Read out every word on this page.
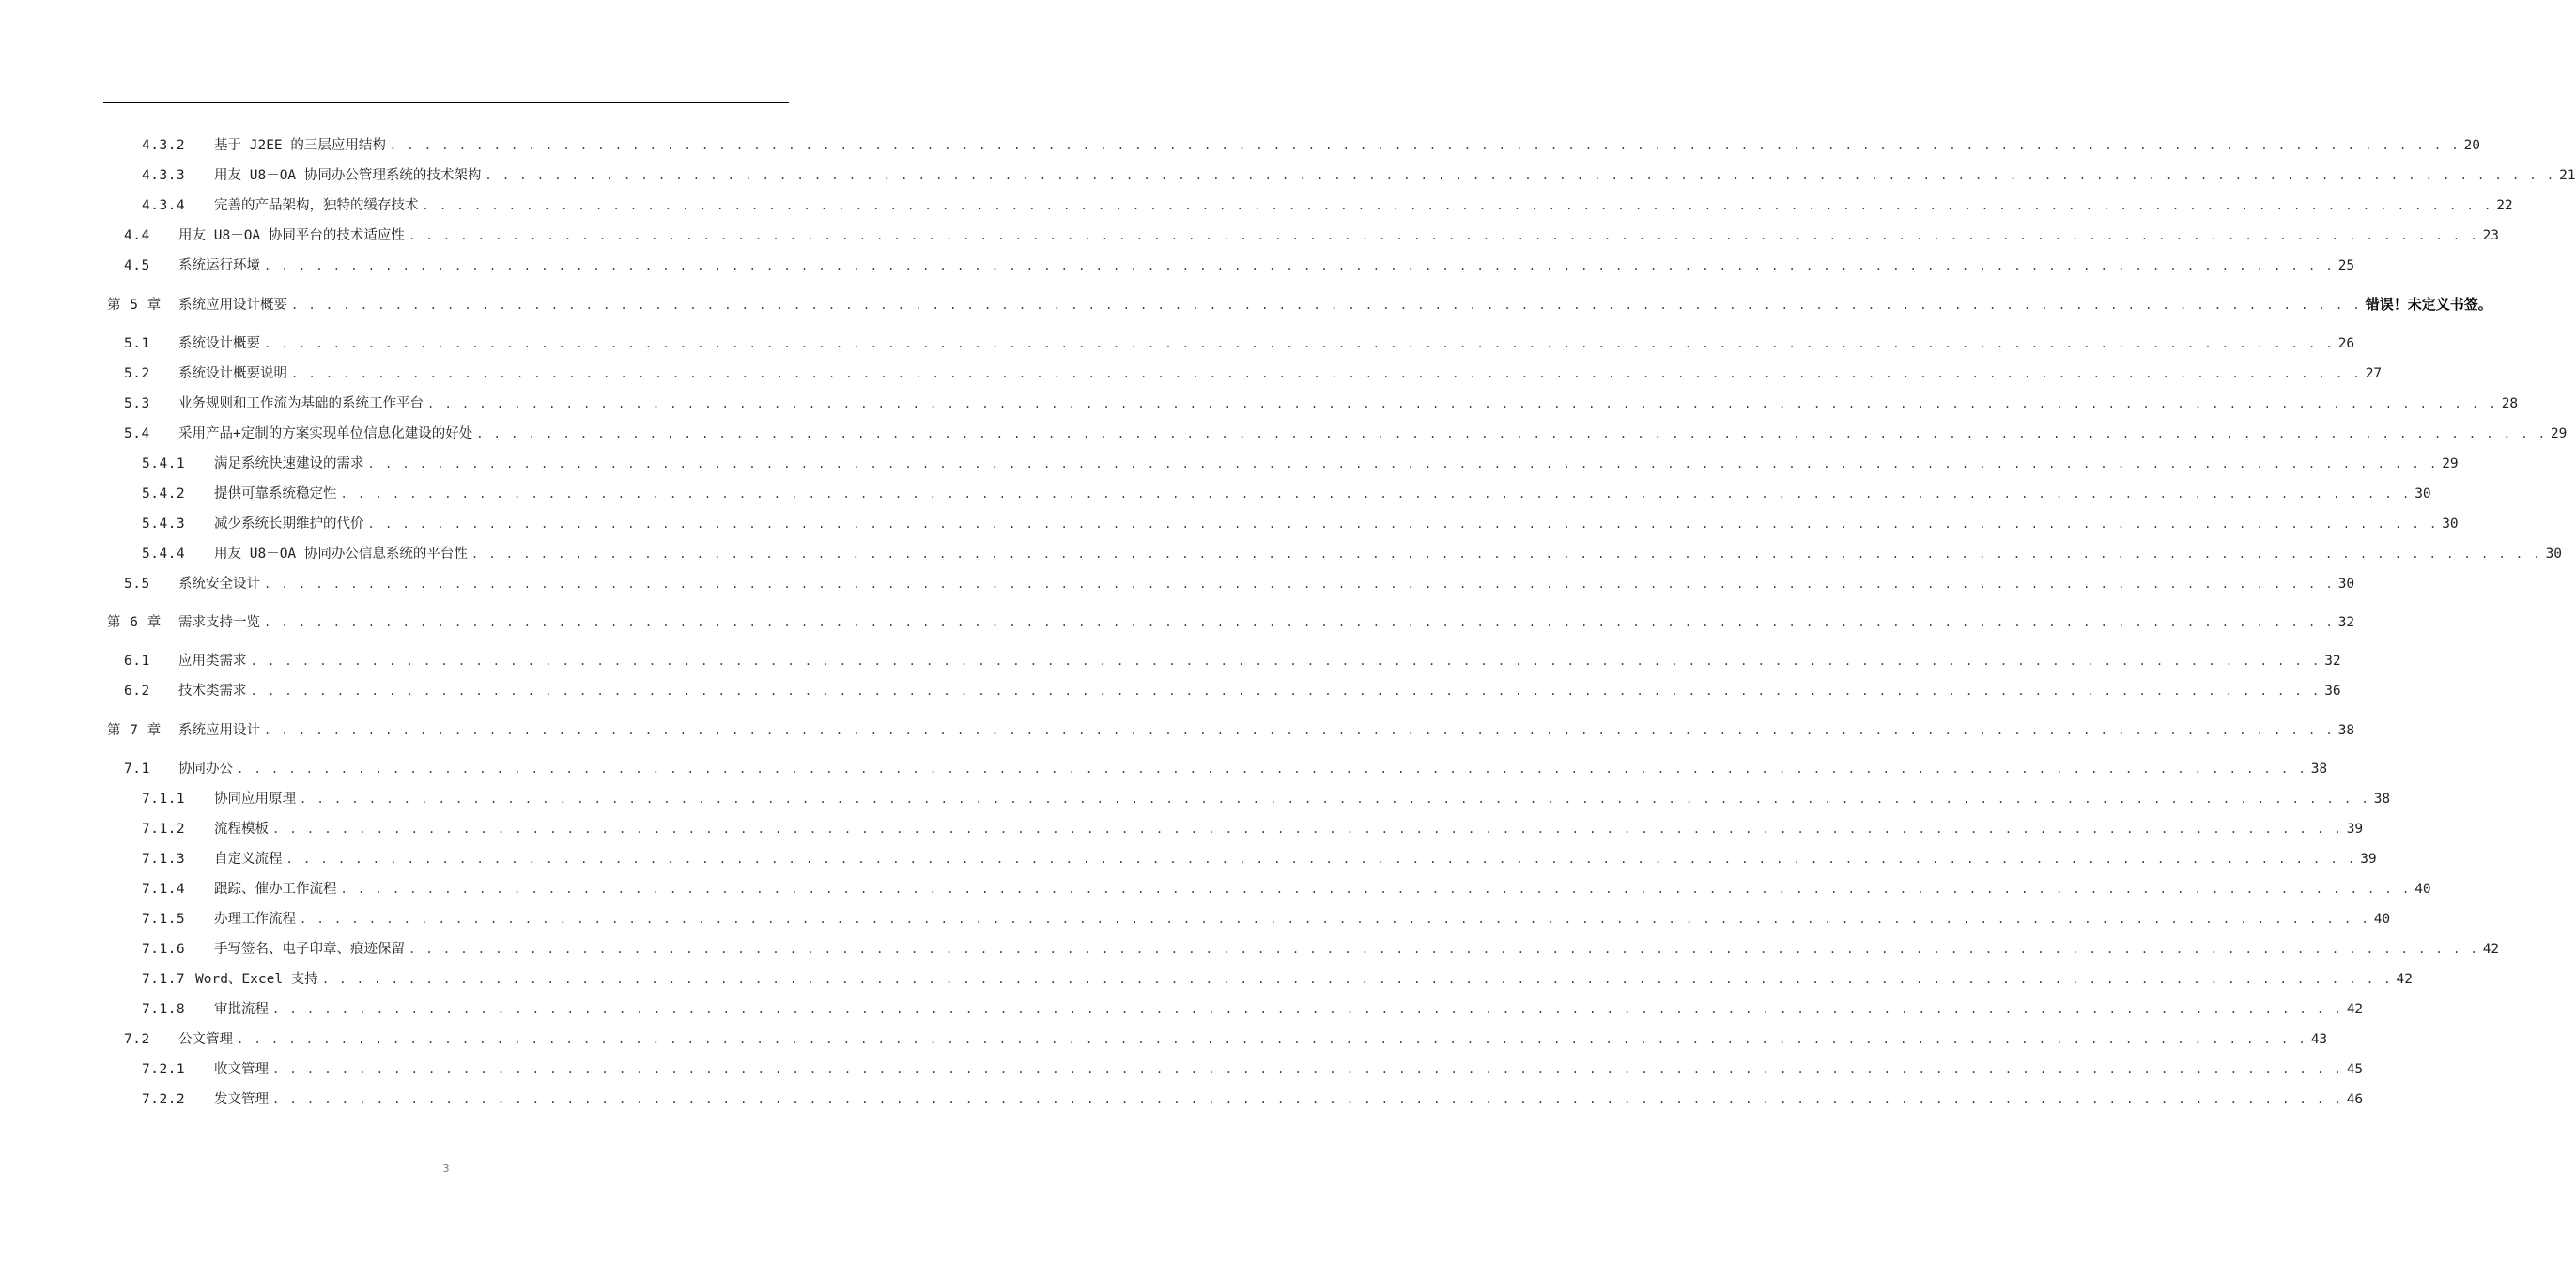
4.3.2	基于 J2EE 的三层应用结构 . . . . . . . . . . . . . . . . . . . . . . . . . . . . . . . . . . . . . . . . . . . . . . . . . . . . . . . . . . . . . . . . . . . . . . . . . . . . . . . . . . . . . . . . . . . . . . . . . . . . . . . . . . . . . . . . . . . . . . . . 20
4.3.3	用友 U8－OA 协同办公管理系统的技术架构 . . . . . . . . . . . . . . . . . . . . . . . . . . . . . . . . . . . . . . . . . . . . . . . . . . . . . . . . . . . . . . . . . . . . . . . . . . . . . . . . . . . . . . . . . . . . . . . . . . . . . . . . . . . . . . . . . . . . . . . . 21
4.3.4	完善的产品架构，独特的缓存技术 . . . . . . . . . . . . . . . . . . . . . . . . . . . . . . . . . . . . . . . . . . . . . . . . . . . . . . . . . . . . . . . . . . . . . . . . . . . . . . . . . . . . . . . . . . . . . . . . . . . . . . . . . . . . . . . . . . . . . . . . 22
4.4	用友 U8－OA 协同平台的技术适应性 . . . . . . . . . . . . . . . . . . . . . . . . . . . . . . . . . . . . . . . . . . . . . . . . . . . . . . . . . . . . . . . . . . . . . . . . . . . . . . . . . . . . . . . . . . . . . . . . . . . . . . . . . . . . . . . . . . . . . . . . 23
4.5	系统运行环境 . . . . . . . . . . . . . . . . . . . . . . . . . . . . . . . . . . . . . . . . . . . . . . . . . . . . . . . . . . . . . . . . . . . . . . . . . . . . . . . . . . . . . . . . . . . . . . . . . . . . . . . . . . . . . . . . . . . . . . . . 25
第 5 章	系统应用设计概要 . . . . . . . . . . . . . . . . . . . . . . . . . . . . . . . . . . . . . . . . . . . . . . . . . . . . . . . . . . . . . . . . . . . . . . . . . . . . . . . . . . . . . . . . . . . . . . . . . . . . . . . . . . . . . . . . . . . . . . . . 错误！未定义书签。
5.1	系统设计概要 . . . . . . . . . . . . . . . . . . . . . . . . . . . . . . . . . . . . . . . . . . . . . . . . . . . . . . . . . . . . . . . . . . . . . . . . . . . . . . . . . . . . . . . . . . . . . . . . . . . . . . . . . . . . . . . . . . . . . . . . 26
5.2	系统设计概要说明 . . . . . . . . . . . . . . . . . . . . . . . . . . . . . . . . . . . . . . . . . . . . . . . . . . . . . . . . . . . . . . . . . . . . . . . . . . . . . . . . . . . . . . . . . . . . . . . . . . . . . . . . . . . . . . . . . . . . . . . . 27
5.3	业务规则和工作流为基础的系统工作平台 . . . . . . . . . . . . . . . . . . . . . . . . . . . . . . . . . . . . . . . . . . . . . . . . . . . . . . . . . . . . . . . . . . . . . . . . . . . . . . . . . . . . . . . . . . . . . . . . . . . . . . . . . . . . . . . . . . . . . . . . 28
5.4	采用产品+定制的方案实现单位信息化建设的好处 . . . . . . . . . . . . . . . . . . . . . . . . . . . . . . . . . . . . . . . . . . . . . . . . . . . . . . . . . . . . . . . . . . . . . . . . . . . . . . . . . . . . . . . . . . . . . . . . . . . . . . . . . . . . . . . . . . . . . . . . 29
5.4.1	满足系统快速建设的需求 . . . . . . . . . . . . . . . . . . . . . . . . . . . . . . . . . . . . . . . . . . . . . . . . . . . . . . . . . . . . . . . . . . . . . . . . . . . . . . . . . . . . . . . . . . . . . . . . . . . . . . . . . . . . . . . . . . . . . . . . 29
5.4.2	提供可靠系统稳定性 . . . . . . . . . . . . . . . . . . . . . . . . . . . . . . . . . . . . . . . . . . . . . . . . . . . . . . . . . . . . . . . . . . . . . . . . . . . . . . . . . . . . . . . . . . . . . . . . . . . . . . . . . . . . . . . . . . . . . . . . 30
5.4.3	减少系统长期维护的代价 . . . . . . . . . . . . . . . . . . . . . . . . . . . . . . . . . . . . . . . . . . . . . . . . . . . . . . . . . . . . . . . . . . . . . . . . . . . . . . . . . . . . . . . . . . . . . . . . . . . . . . . . . . . . . . . . . . . . . . . . 30
5.4.4	用友 U8－OA 协同办公信息系统的平台性 . . . . . . . . . . . . . . . . . . . . . . . . . . . . . . . . . . . . . . . . . . . . . . . . . . . . . . . . . . . . . . . . . . . . . . . . . . . . . . . . . . . . . . . . . . . . . . . . . . . . . . . . . . . . . . . . . . . . . . . . 30
5.5	系统安全设计 . . . . . . . . . . . . . . . . . . . . . . . . . . . . . . . . . . . . . . . . . . . . . . . . . . . . . . . . . . . . . . . . . . . . . . . . . . . . . . . . . . . . . . . . . . . . . . . . . . . . . . . . . . . . . . . . . . . . . . . . 30
第 6 章	需求支持一览 . . . . . . . . . . . . . . . . . . . . . . . . . . . . . . . . . . . . . . . . . . . . . . . . . . . . . . . . . . . . . . . . . . . . . . . . . . . . . . . . . . . . . . . . . . . . . . . . . . . . . . . . . . . . . . . . . . . . . . . . 32
6.1	应用类需求 . . . . . . . . . . . . . . . . . . . . . . . . . . . . . . . . . . . . . . . . . . . . . . . . . . . . . . . . . . . . . . . . . . . . . . . . . . . . . . . . . . . . . . . . . . . . . . . . . . . . . . . . . . . . . . . . . . . . . . . . 32
6.2	技术类需求 . . . . . . . . . . . . . . . . . . . . . . . . . . . . . . . . . . . . . . . . . . . . . . . . . . . . . . . . . . . . . . . . . . . . . . . . . . . . . . . . . . . . . . . . . . . . . . . . . . . . . . . . . . . . . . . . . . . . . . . . 36
第 7 章	系统应用设计 . . . . . . . . . . . . . . . . . . . . . . . . . . . . . . . . . . . . . . . . . . . . . . . . . . . . . . . . . . . . . . . . . . . . . . . . . . . . . . . . . . . . . . . . . . . . . . . . . . . . . . . . . . . . . . . . . . . . . . . . 38
7.1	协同办公 . . . . . . . . . . . . . . . . . . . . . . . . . . . . . . . . . . . . . . . . . . . . . . . . . . . . . . . . . . . . . . . . . . . . . . . . . . . . . . . . . . . . . . . . . . . . . . . . . . . . . . . . . . . . . . . . . . . . . . . . 38
7.1.1	协同应用原理 . . . . . . . . . . . . . . . . . . . . . . . . . . . . . . . . . . . . . . . . . . . . . . . . . . . . . . . . . . . . . . . . . . . . . . . . . . . . . . . . . . . . . . . . . . . . . . . . . . . . . . . . . . . . . . . . . . . . . . . . 38
7.1.2	流程模板 . . . . . . . . . . . . . . . . . . . . . . . . . . . . . . . . . . . . . . . . . . . . . . . . . . . . . . . . . . . . . . . . . . . . . . . . . . . . . . . . . . . . . . . . . . . . . . . . . . . . . . . . . . . . . . . . . . . . . . . . 39
7.1.3	自定义流程 . . . . . . . . . . . . . . . . . . . . . . . . . . . . . . . . . . . . . . . . . . . . . . . . . . . . . . . . . . . . . . . . . . . . . . . . . . . . . . . . . . . . . . . . . . . . . . . . . . . . . . . . . . . . . . . . . . . . . . . . 39
7.1.4	跟踪、催办工作流程 . . . . . . . . . . . . . . . . . . . . . . . . . . . . . . . . . . . . . . . . . . . . . . . . . . . . . . . . . . . . . . . . . . . . . . . . . . . . . . . . . . . . . . . . . . . . . . . . . . . . . . . . . . . . . . . . . . . . . . . . 40
7.1.5	办理工作流程 . . . . . . . . . . . . . . . . . . . . . . . . . . . . . . . . . . . . . . . . . . . . . . . . . . . . . . . . . . . . . . . . . . . . . . . . . . . . . . . . . . . . . . . . . . . . . . . . . . . . . . . . . . . . . . . . . . . . . . . . 40
7.1.6	手写签名、电子印章、痕迹保留 . . . . . . . . . . . . . . . . . . . . . . . . . . . . . . . . . . . . . . . . . . . . . . . . . . . . . . . . . . . . . . . . . . . . . . . . . . . . . . . . . . . . . . . . . . . . . . . . . . . . . . . . . . . . . . . . . . . . . . . . 42
7.1.7 Word、Excel 支持 . . . . . . . . . . . . . . . . . . . . . . . . . . . . . . . . . . . . . . . . . . . . . . . . . . . . . . . . . . . . . . . . . . . . . . . . . . . . . . . . . . . . . . . . . . . . . . . . . . . . . . . . . . . . . . . . . . . . . . . . 42
7.1.8	审批流程 . . . . . . . . . . . . . . . . . . . . . . . . . . . . . . . . . . . . . . . . . . . . . . . . . . . . . . . . . . . . . . . . . . . . . . . . . . . . . . . . . . . . . . . . . . . . . . . . . . . . . . . . . . . . . . . . . . . . . . . . 42
7.2	公文管理 . . . . . . . . . . . . . . . . . . . . . . . . . . . . . . . . . . . . . . . . . . . . . . . . . . . . . . . . . . . . . . . . . . . . . . . . . . . . . . . . . . . . . . . . . . . . . . . . . . . . . . . . . . . . . . . . . . . . . . . . 43
7.2.1	收文管理 . . . . . . . . . . . . . . . . . . . . . . . . . . . . . . . . . . . . . . . . . . . . . . . . . . . . . . . . . . . . . . . . . . . . . . . . . . . . . . . . . . . . . . . . . . . . . . . . . . . . . . . . . . . . . . . . . . . . . . . . 45
7.2.2	发文管理 . . . . . . . . . . . . . . . . . . . . . . . . . . . . . . . . . . . . . . . . . . . . . . . . . . . . . . . . . . . . . . . . . . . . . . . . . . . . . . . . . . . . . . . . . . . . . . . . . . . . . . . . . . . . . . . . . . . . . . . . 46
3
